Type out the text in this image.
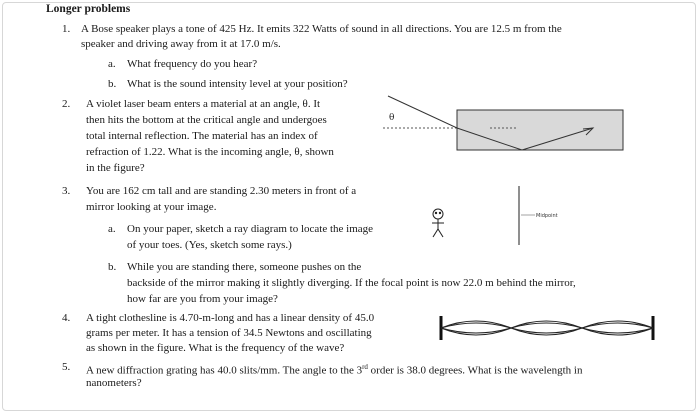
Longer problems
1. A Bose speaker plays a tone of 425 Hz. It emits 322 Watts of sound in all directions. You are 12.5 m from the
speaker and driving away from it at 17.0 m/s.
a. What frequency do you hear?
b. What is the sound intensity level at your position?
2. A violet laser beam enters a material at an angle, θ. It
then hits the bottom at the critical angle and undergoes
total internal reflection. The material has an index of
refraction of 1.22. What is the incoming angle, θ, shown
in the figure?
θ
3. You are 162 cm tall and are standing 2.30 meters in front of a
mirror looking at your image.
a. On your paper, sketch a ray diagram to locate the image
of your toes. (Yes, sketch some rays.)
b. While you are standing there, someone pushes on the
backside of the mirror making it slightly diverging. If the focal point is now 22.0 m behind the mirror,
how far are you from your image?
Midpoint
4. A tight clothesline is 4.70-m-long and has a linear density of 45.0
grams per meter. It has a tension of 34.5 Newtons and oscillating
as shown in the figure. What is the frequency of the wave?
5. A new diffraction grating has 40.0 slits/mm. The angle to the 3rd order is 38.0 degrees. What is the wavelength in
nanometers?
